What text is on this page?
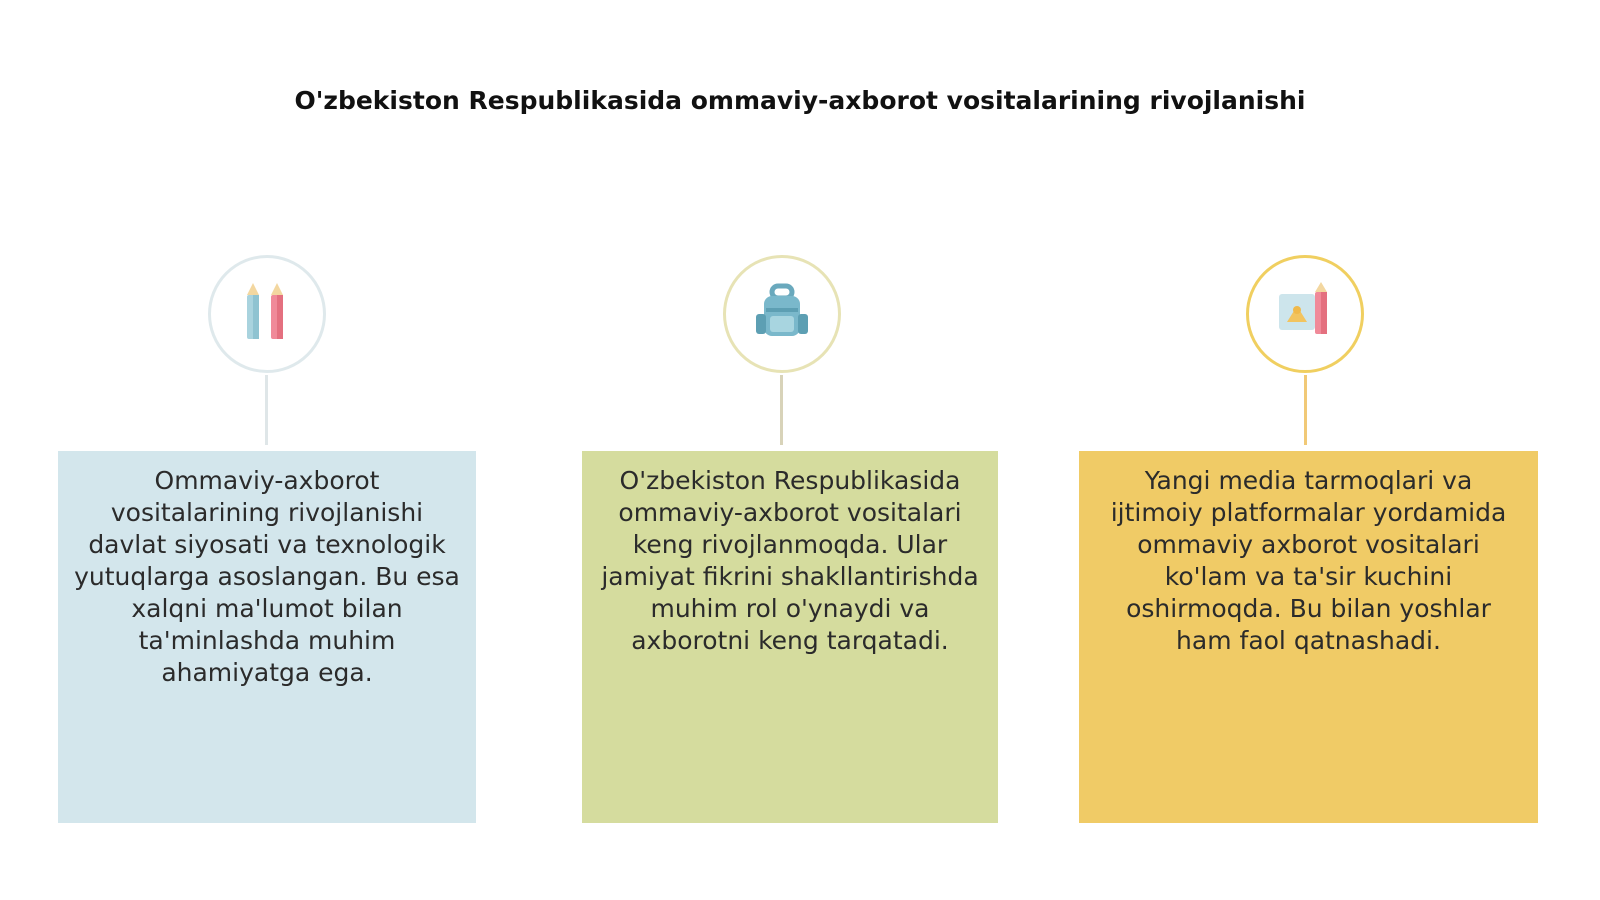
O'zbekiston Respublikasida ommaviy-axborot vositalarining rivojlanishi
Ommaviy-axborot vositalarining rivojlanishi davlat siyosati va texnologik yutuqlarga asoslangan. Bu esa xalqni ma'lumot bilan ta'minlashda muhim ahamiyatga ega.
O'zbekiston Respublikasida ommaviy-axborot vositalari keng rivojlanmoqda. Ular jamiyat fikrini shakllantirishda muhim rol o'ynaydi va axborotni keng tarqatadi.
Yangi media tarmoqlari va ijtimoiy platformalar yordamida ommaviy axborot vositalari ko'lam va ta'sir kuchini oshirmoqda. Bu bilan yoshlar ham faol qatnashadi.
